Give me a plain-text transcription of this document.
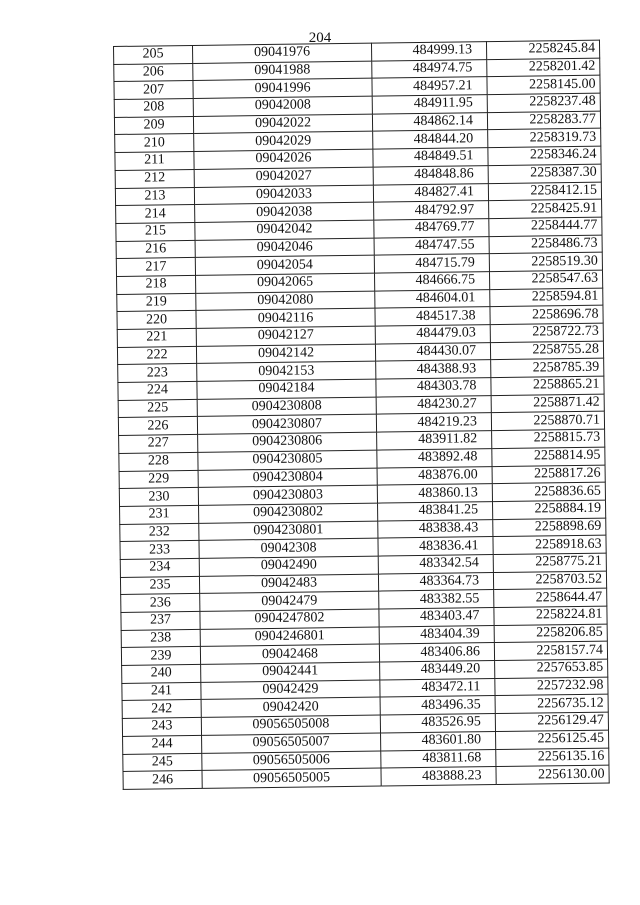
204
205	09041976	484999.13	2258245.84
206	09041988	484974.75	2258201.42
207	09041996	484957.21	2258145.00
208	09042008	484911.95	2258237.48
209	09042022	484862.14	2258283.77
210	09042029	484844.20	2258319.73
211	09042026	484849.51	2258346.24
212	09042027	484848.86	2258387.30
213	09042033	484827.41	2258412.15
214	09042038	484792.97	2258425.91
215	09042042	484769.77	2258444.77
216	09042046	484747.55	2258486.73
217	09042054	484715.79	2258519.30
218	09042065	484666.75	2258547.63
219	09042080	484604.01	2258594.81
220	09042116	484517.38	2258696.78
221	09042127	484479.03	2258722.73
222	09042142	484430.07	2258755.28
223	09042153	484388.93	2258785.39
224	09042184	484303.78	2258865.21
225	0904230808	484230.27	2258871.42
226	0904230807	484219.23	2258870.71
227	0904230806	483911.82	2258815.73
228	0904230805	483892.48	2258814.95
229	0904230804	483876.00	2258817.26
230	0904230803	483860.13	2258836.65
231	0904230802	483841.25	2258884.19
232	0904230801	483838.43	2258898.69
233	09042308	483836.41	2258918.63
234	09042490	483342.54	2258775.21
235	09042483	483364.73	2258703.52
236	09042479	483382.55	2258644.47
237	0904247802	483403.47	2258224.81
238	0904246801	483404.39	2258206.85
239	09042468	483406.86	2258157.74
240	09042441	483449.20	2257653.85
241	09042429	483472.11	2257232.98
242	09042420	483496.35	2256735.12
243	09056505008	483526.95	2256129.47
244	09056505007	483601.80	2256125.45
245	09056505006	483811.68	2256135.16
246	09056505005	483888.23	2256130.00
